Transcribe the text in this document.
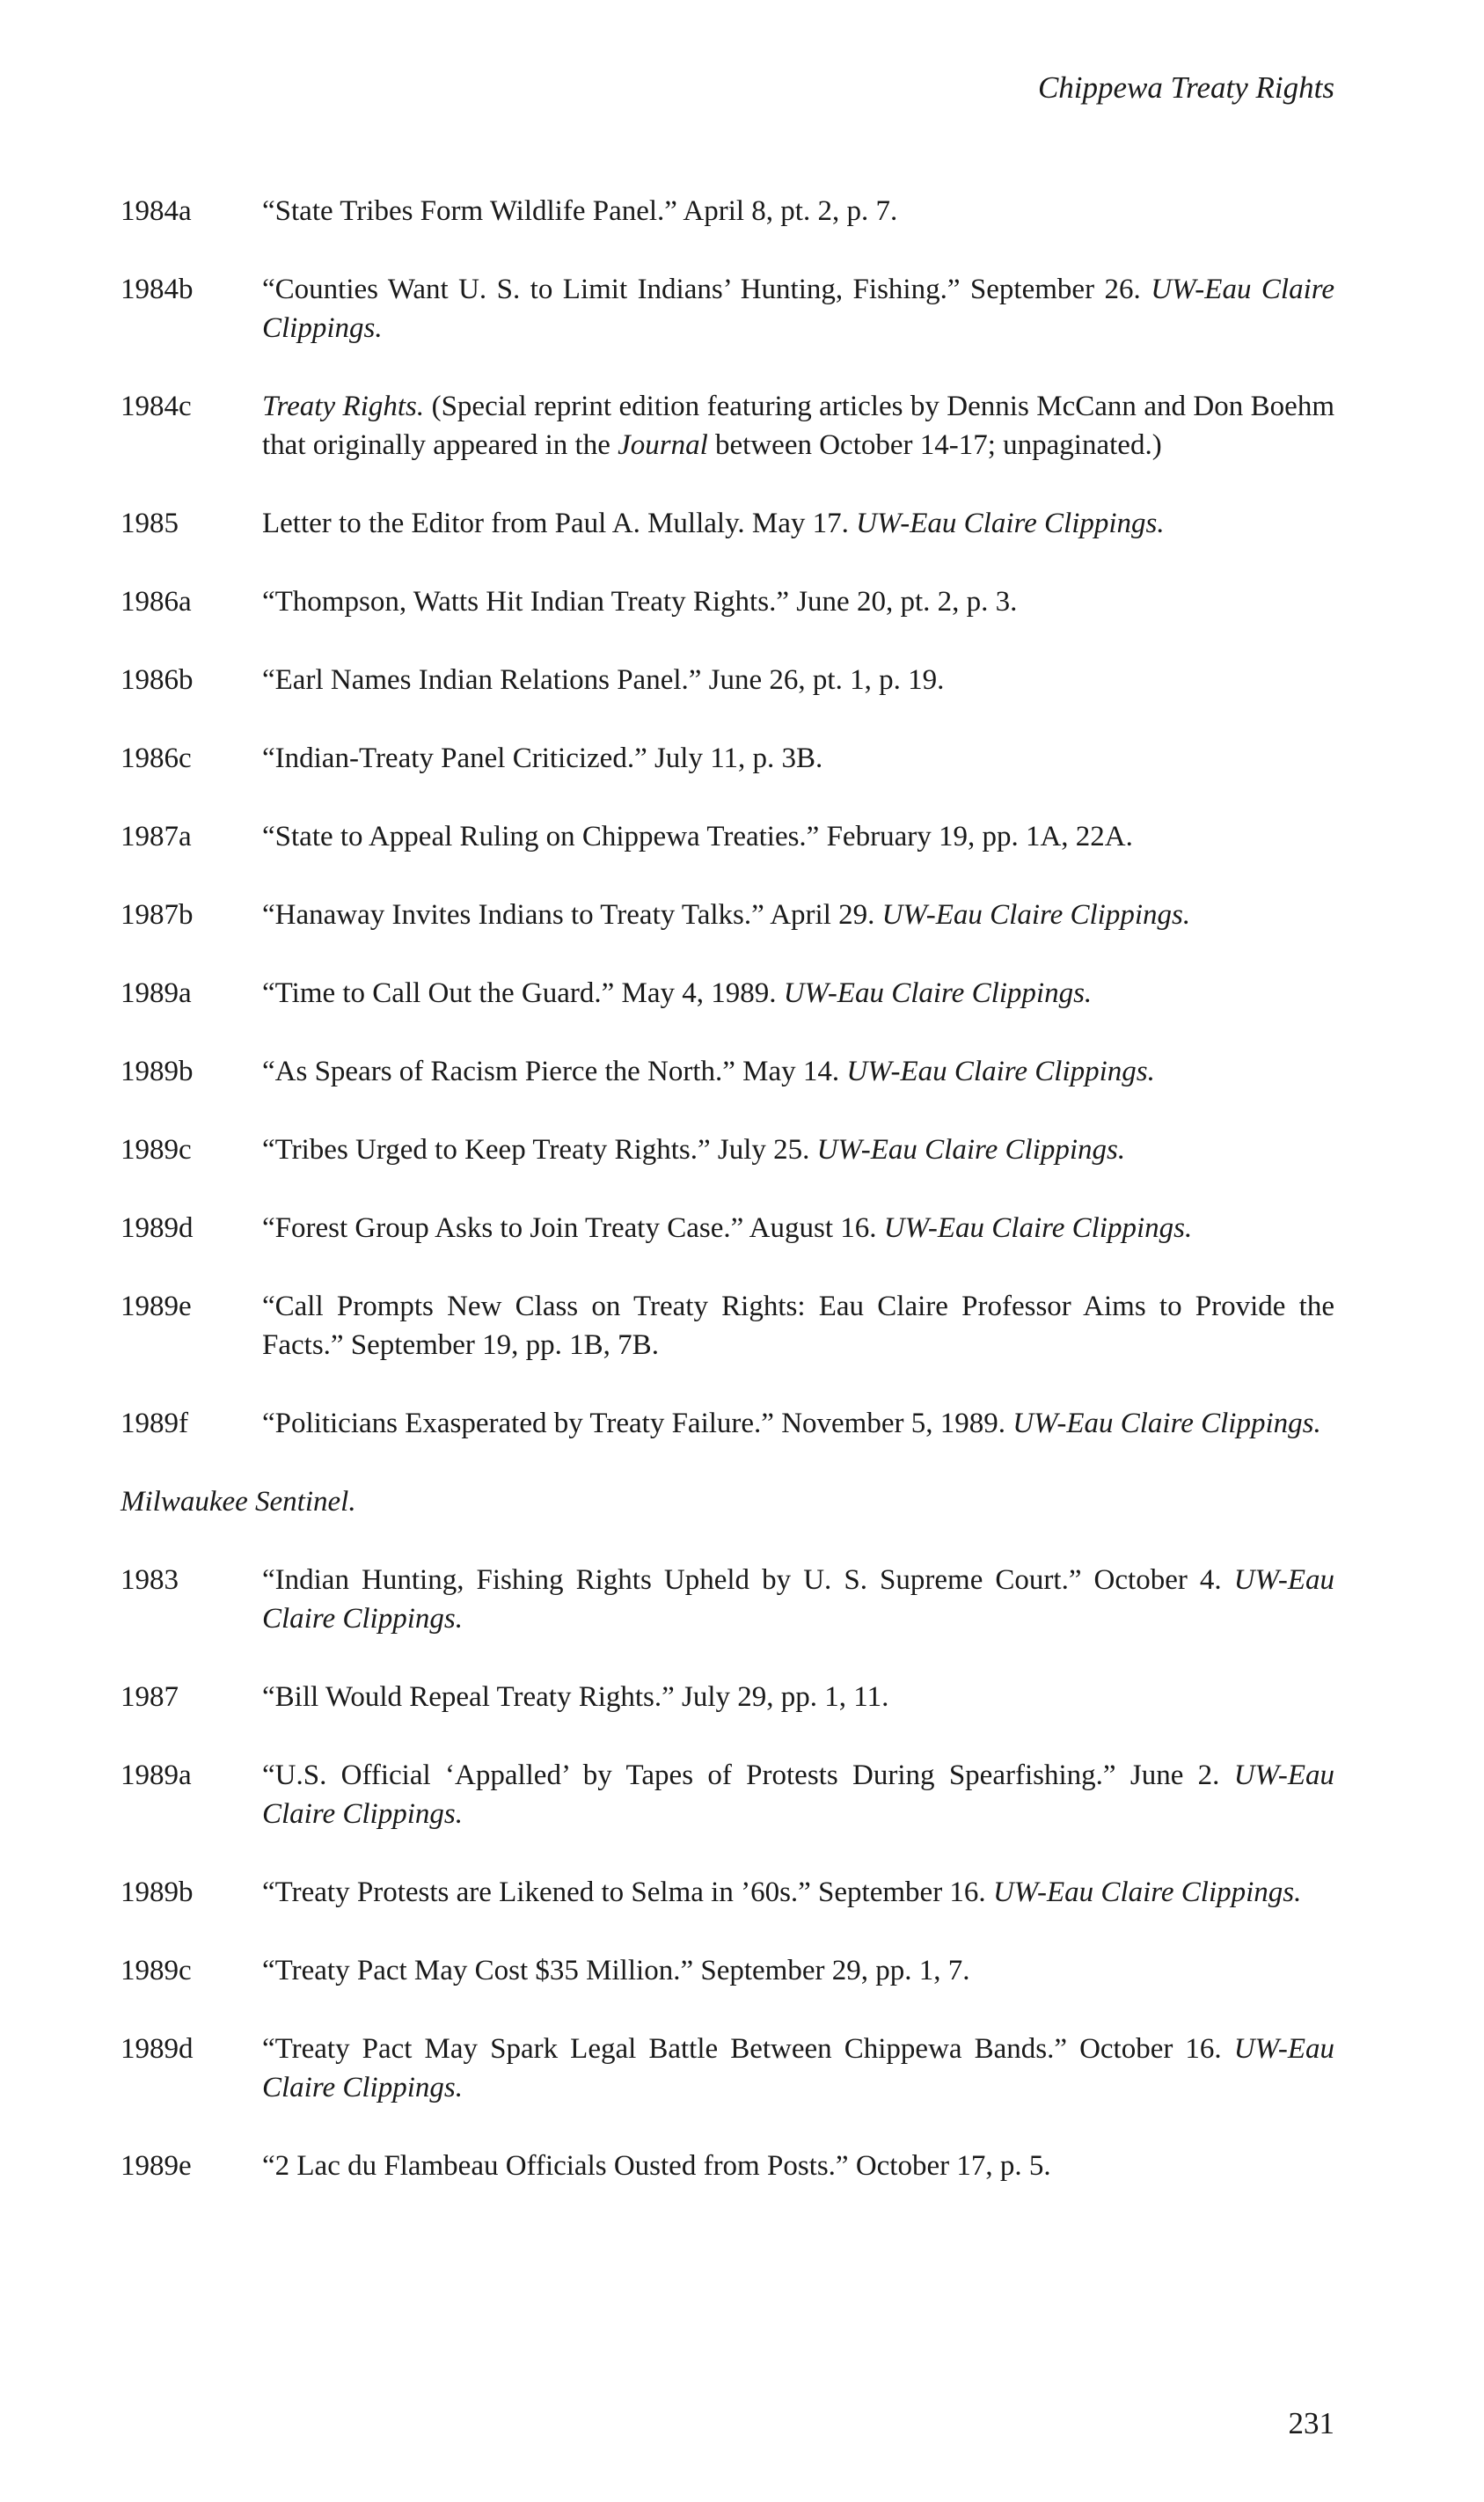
Chippewa Treaty Rights
1984a	“State Tribes Form Wildlife Panel.” April 8, pt. 2, p. 7.
1984b	“Counties Want U. S. to Limit Indians’ Hunting, Fishing.” September 26. UW-Eau Claire Clippings.
1984c	Treaty Rights. (Special reprint edition featuring articles by Dennis McCann and Don Boehm that originally appeared in the Journal between October 14-17; unpaginated.)
1985	Letter to the Editor from Paul A. Mullaly. May 17. UW-Eau Claire Clippings.
1986a	“Thompson, Watts Hit Indian Treaty Rights.” June 20, pt. 2, p. 3.
1986b	“Earl Names Indian Relations Panel.” June 26, pt. 1, p. 19.
1986c	“Indian-Treaty Panel Criticized.” July 11, p. 3B.
1987a	“State to Appeal Ruling on Chippewa Treaties.” February 19, pp. 1A, 22A.
1987b	“Hanaway Invites Indians to Treaty Talks.” April 29. UW-Eau Claire Clippings.
1989a	“Time to Call Out the Guard.” May 4, 1989. UW-Eau Claire Clippings.
1989b	“As Spears of Racism Pierce the North.” May 14. UW-Eau Claire Clippings.
1989c	“Tribes Urged to Keep Treaty Rights.” July 25. UW-Eau Claire Clippings.
1989d	“Forest Group Asks to Join Treaty Case.” August 16. UW-Eau Claire Clippings.
1989e	“Call Prompts New Class on Treaty Rights: Eau Claire Professor Aims to Provide the Facts.” September 19, pp. 1B, 7B.
1989f	“Politicians Exasperated by Treaty Failure.” November 5, 1989. UW-Eau Claire Clippings.
Milwaukee Sentinel.
1983	“Indian Hunting, Fishing Rights Upheld by U. S. Supreme Court.” October 4. UW-Eau Claire Clippings.
1987	“Bill Would Repeal Treaty Rights.” July 29, pp. 1, 11.
1989a	“U.S. Official ‘Appalled’ by Tapes of Protests During Spearfishing.” June 2. UW-Eau Claire Clippings.
1989b	“Treaty Protests are Likened to Selma in ’60s.” September 16. UW-Eau Claire Clippings.
1989c	“Treaty Pact May Cost $35 Million.” September 29, pp. 1, 7.
1989d	“Treaty Pact May Spark Legal Battle Between Chippewa Bands.” October 16. UW-Eau Claire Clippings.
1989e	“2 Lac du Flambeau Officials Ousted from Posts.” October 17, p. 5.
231
